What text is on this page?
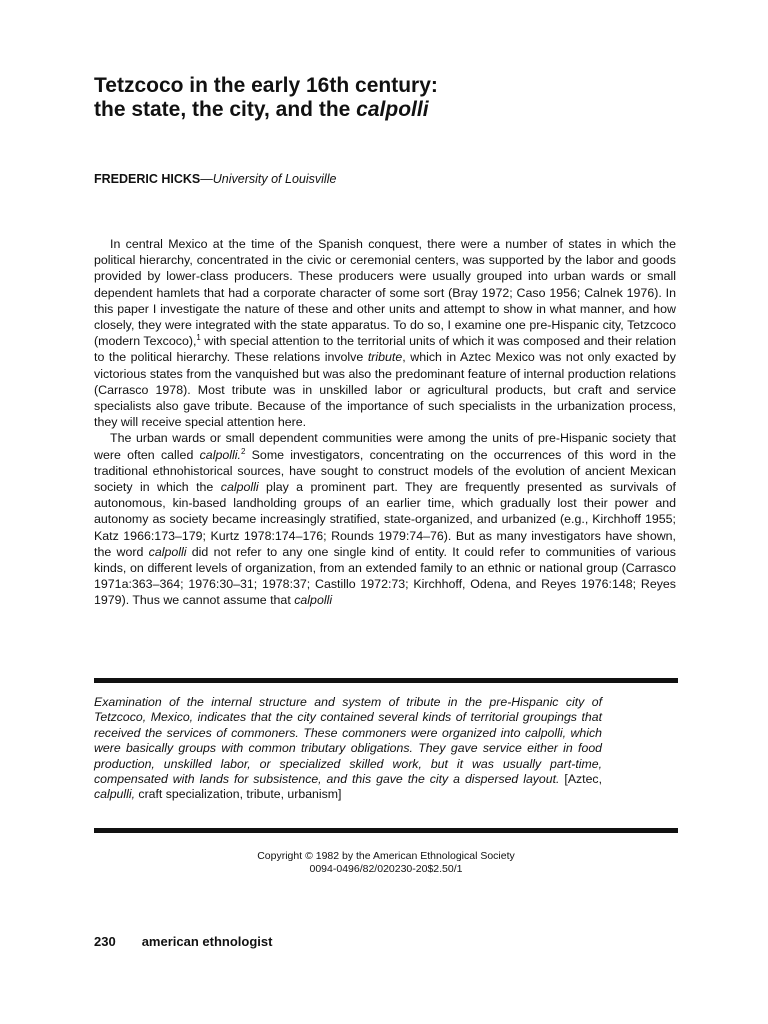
Tetzcoco in the early 16th century:
the state, the city, and the calpolli
FREDERIC HICKS—University of Louisville

In central Mexico at the time of the Spanish conquest, there were a number of states in which the political hierarchy, concentrated in the civic or ceremonial centers, was supported by the labor and goods provided by lower-class producers. These producers were usually grouped into urban wards or small dependent hamlets that had a corporate character of some sort (Bray 1972; Caso 1956; Calnek 1976). In this paper I investigate the nature of these and other units and attempt to show in what manner, and how closely, they were integrated with the state apparatus. To do so, I examine one pre-Hispanic city, Tetzcoco (modern Texcoco),$^1$ with special attention to the territorial units of which it was composed and their relation to the political hierarchy. These relations involve tribute, which in Aztec Mexico was not only exacted by victorious states from the vanquished but was also the predominant feature of internal production relations (Carrasco 1978). Most tribute was in unskilled labor or agricultural products, but craft and service specialists also gave tribute. Because of the importance of such specialists in the urbanization process, they will receive special attention here.

The urban wards or small dependent communities were among the units of pre-Hispanic society that were often called calpolli.$^2$ Some investigators, concentrating on the occurrences of this word in the traditional ethnohistorical sources, have sought to construct models of the evolution of ancient Mexican society in which the calpolli play a prominent part. They are frequently presented as survivals of autonomous, kin-based landholding groups of an earlier time, which gradually lost their power and autonomy as society became increasingly stratified, state-organized, and urbanized (e.g., Kirchhoff 1955; Katz 1966:173–179; Kurtz 1978:174–176; Rounds 1979:74–76). But as many investigators have shown, the word calpolli did not refer to any one single kind of entity. It could refer to communities of various kinds, on different levels of organization, from an extended family to an ethnic or national group (Carrasco 1971a:363–364; 1976:30–31; 1978:37; Castillo 1972:73; Kirchhoff, Odena, and Reyes 1976:148; Reyes 1979). Thus we cannot assume that calpolli

Examination of the internal structure and system of tribute in the pre-Hispanic city of Tetzcoco, Mexico, indicates that the city contained several kinds of territorial groupings that received the services of commoners. These commoners were organized into calpolli, which were basically groups with common tributary obligations. They gave service either in food production, unskilled labor, or specialized skilled work, but it was usually part-time, compensated with lands for subsistence, and this gave the city a dispersed layout. [Aztec, calpulli, craft specialization, tribute, urbanism]
Copyright © 1982 by the American Ethnological Society
0094-0496/82/020230-20$2.50/1
230 american ethnologist
